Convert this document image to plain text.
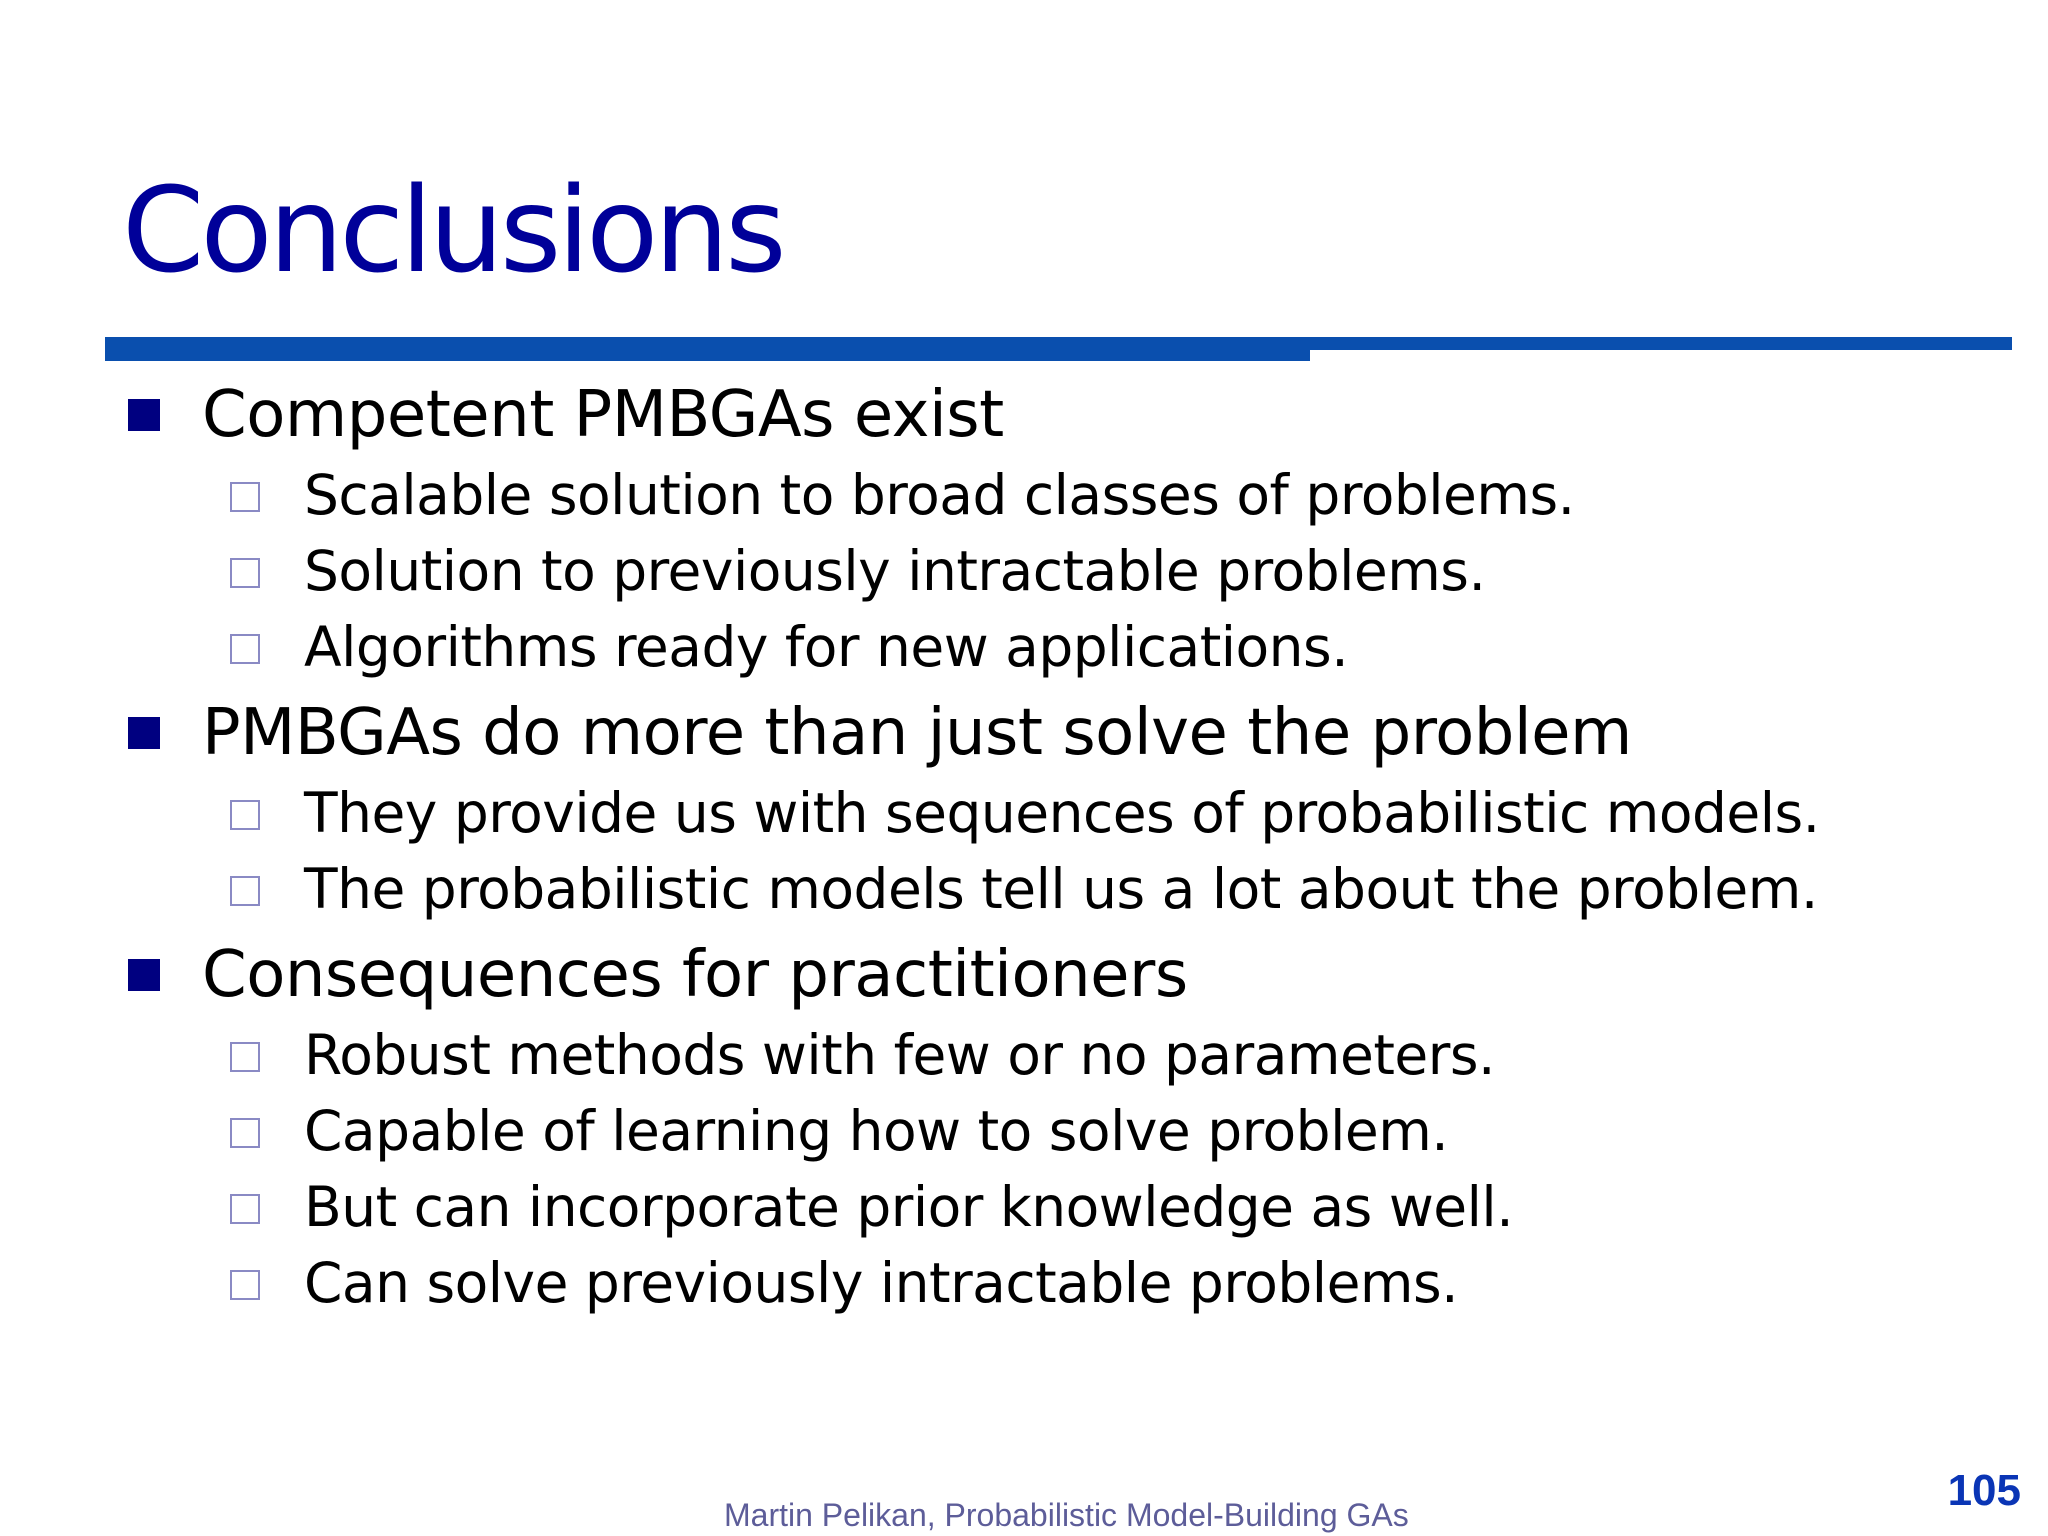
Conclusions
Competent PMBGAs exist
Scalable solution to broad classes of problems.
Solution to previously intractable problems.
Algorithms ready for new applications.
PMBGAs do more than just solve the problem
They provide us with sequences of probabilistic models.
The probabilistic models tell us a lot about the problem.
Consequences for practitioners
Robust methods with few or no parameters.
Capable of learning how to solve problem.
But can incorporate prior knowledge as well.
Can solve previously intractable problems.
Martin Pelikan, Probabilistic Model-Building GAs	105
